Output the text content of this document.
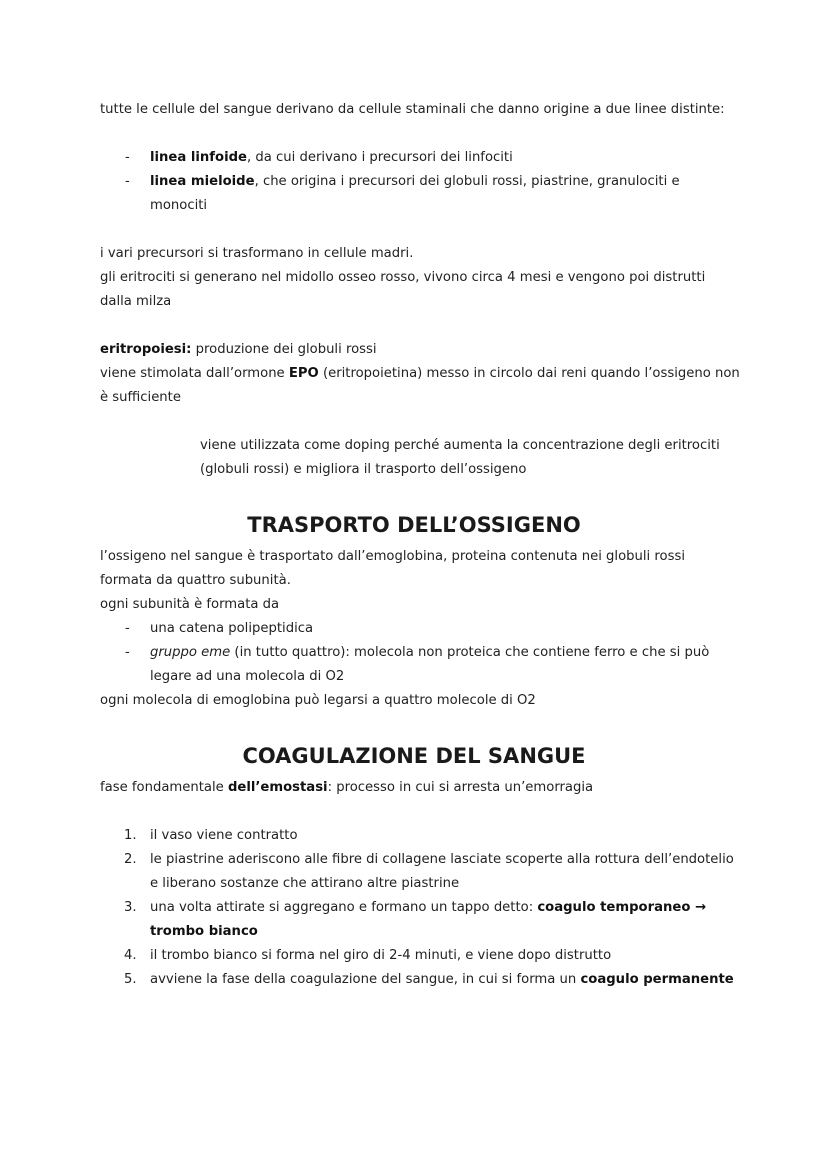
tutte le cellule del sangue derivano da cellule staminali che danno origine a due linee distinte:

- linea linfoide, da cui derivano i precursori dei linfociti
- linea mieloide, che origina i precursori dei globuli rossi, piastrine, granulociti e monociti

i vari precursori si trasformano in cellule madri.

gli eritrociti si generano nel midollo osseo rosso, vivono circa 4 mesi e vengono poi distrutti dalla milza

eritropoiesi: produzione dei globuli rossi

viene stimolata dall’ormone EPO (eritropoietina) messo in circolo dai reni quando l’ossigeno non è sufficiente

viene utilizzata come doping perché aumenta la concentrazione degli eritrociti (globuli rossi) e migliora il trasporto dell’ossigeno

TRASPORTO DELL’OSSIGENO

l’ossigeno nel sangue è trasportato dall’emoglobina, proteina contenuta nei globuli rossi formata da quattro subunità.

ogni subunità è formata da

- una catena polipeptidica
- gruppo eme (in tutto quattro): molecola non proteica che contiene ferro e che si può legare ad una molecola di O2

ogni molecola di emoglobina può legarsi a quattro molecole di O2

COAGULAZIONE DEL SANGUE

fase fondamentale dell’emostasi: processo in cui si arresta un’emorragia

1. il vaso viene contratto
2. le piastrine aderiscono alle fibre di collagene lasciate scoperte alla rottura dell’endotelio e liberano sostanze che attirano altre piastrine
3. una volta attirate si aggregano e formano un tappo detto: coagulo temporaneo → trombo bianco
4. il trombo bianco si forma nel giro di 2-4 minuti, e viene dopo distrutto
5. avviene la fase della coagulazione del sangue, in cui si forma un coagulo permanente
